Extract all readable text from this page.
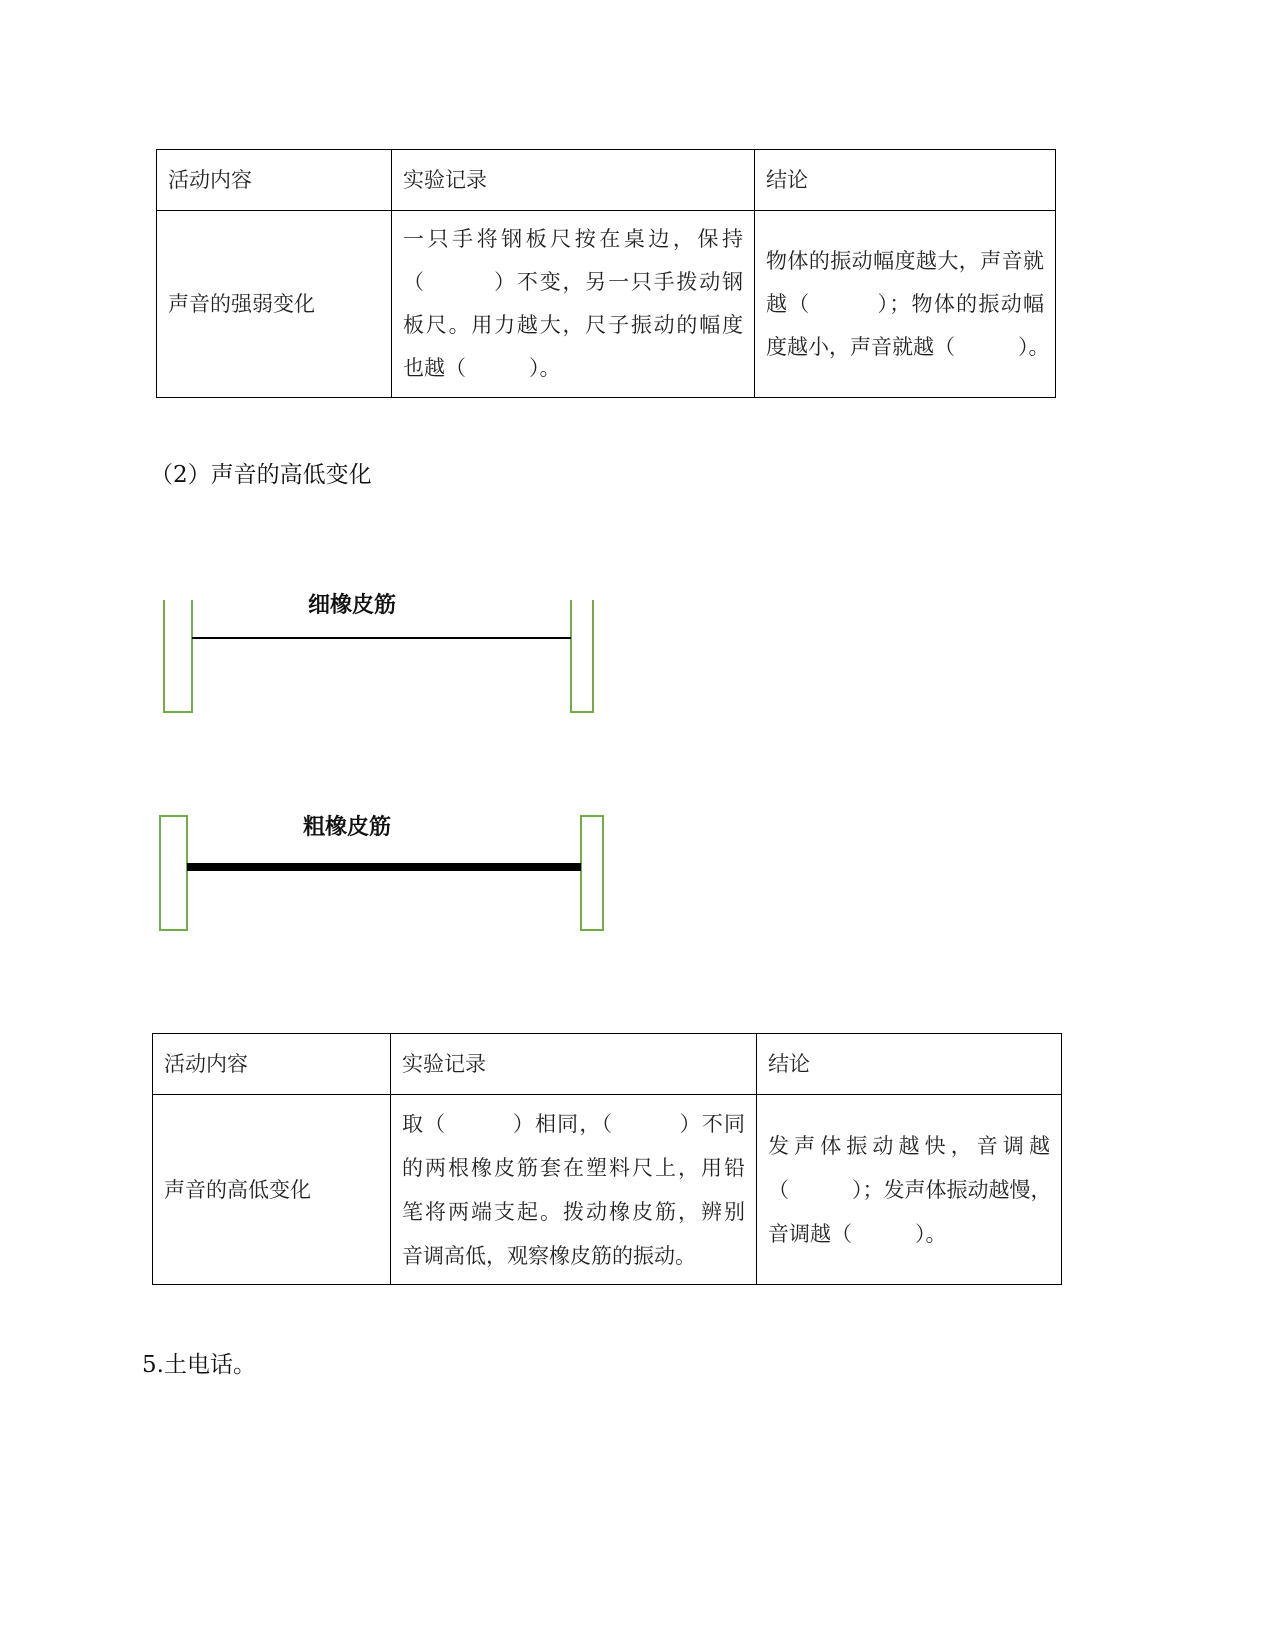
活动内容	实验记录	结论
声音的强弱变化	一只手将钢板尺按在桌边，保持
（　　　）不变，另一只手拨动钢
板尺。用力越大，尺子振动的幅度
也越（　　　）。	物体的振动幅度越大，声音就
越（　　　）；物体的振动幅
度越小，声音就越（　　　）。
（2）声音的高低变化
细橡皮筋
粗橡皮筋
活动内容	实验记录	结论
声音的高低变化	取（　　　）相同，（　　　）不同
的两根橡皮筋套在塑料尺上，用铅
笔将两端支起。拨动橡皮筋，辨别
音调高低，观察橡皮筋的振动。	发声体振动越快，音调越
（　　　）；发声体振动越慢，
音调越（　　　）。
5.土电话。
